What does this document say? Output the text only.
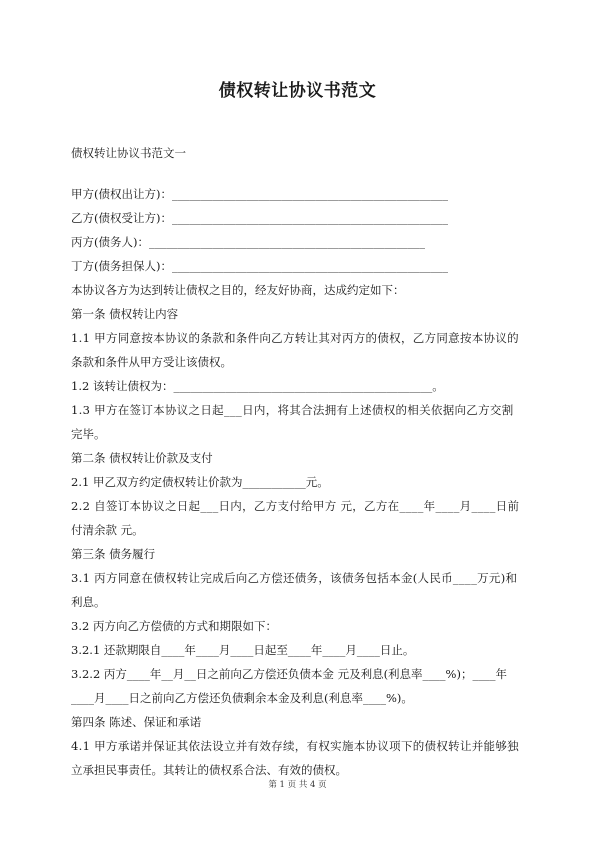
债权转让协议书范文
债权转让协议书范文一
甲方(债权出让方)：________________________________________________
乙方(债权受让方)：________________________________________________
丙方(债务人)：________________________________________________
丁方(债务担保人)：________________________________________________
本协议各方为达到转让债权之目的，经友好协商，达成约定如下：
第一条 债权转让内容
1.1 甲方同意按本协议的条款和条件向乙方转让其对丙方的债权，乙方同意按本协议的
条款和条件从甲方受让该债权。
1.2 该转让债权为：_____________________________________________。
1.3 甲方在签订本协议之日起___日内，将其合法拥有上述债权的相关依据向乙方交割
完毕。
第二条 债权转让价款及支付
2.1 甲乙双方约定债权转让价款为___________元。
2.2 自签订本协议之日起___日内，乙方支付给甲方 元，乙方在____年____月____日前
付清余款 元。
第三条 债务履行
3.1 丙方同意在债权转让完成后向乙方偿还债务，该债务包括本金(人民币____万元)和
利息。
3.2 丙方向乙方偿债的方式和期限如下：
3.2.1 还款期限自____年____月____日起至____年____月____日止。
3.2.2 丙方____年__月__日之前向乙方偿还负债本金 元及利息(利息率____%)；____年
____月____日之前向乙方偿还负债剩余本金及利息(利息率____%)。
第四条 陈述、保证和承诺
4.1 甲方承诺并保证其依法设立并有效存续，有权实施本协议项下的债权转让并能够独
立承担民事责任。其转让的债权系合法、有效的债权。
第 1 页 共 4 页
